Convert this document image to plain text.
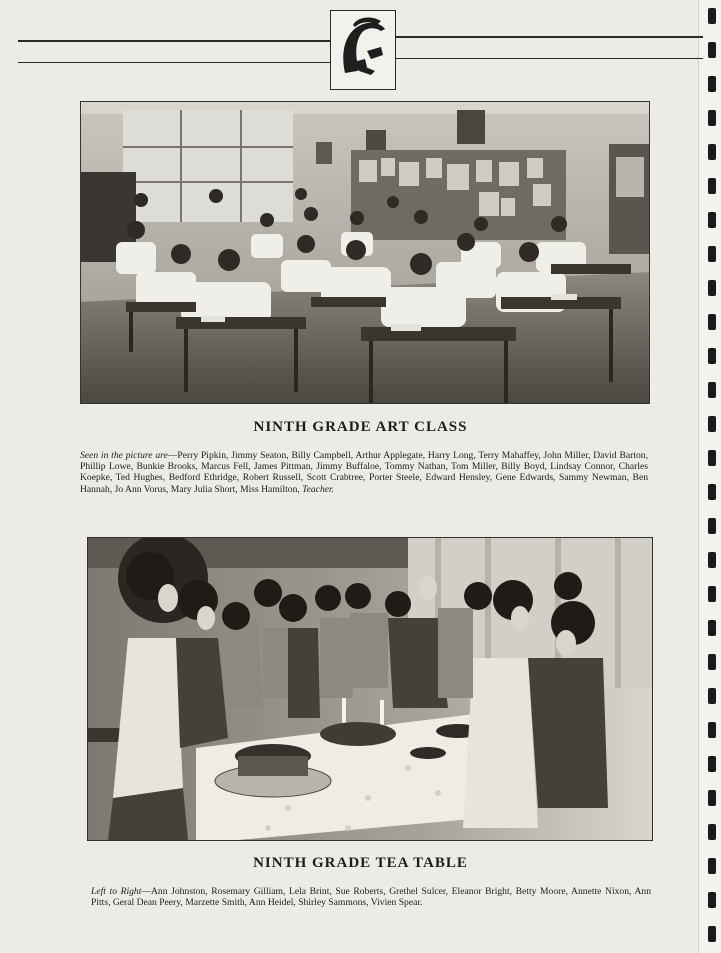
NINTH GRADE ART CLASS
Seen in the picture are—Perry Pipkin, Jimmy Seaton, Billy Campbell, Arthur Applegate, Harry Long, Terry Mahaffey, John Miller, David Barton, Phillip Lowe, Bunkie Brooks, Marcus Fell, James Pittman, Jimmy Buffaloe, Tommy Nathan, Tom Miller, Billy Boyd, Lindsay Connor, Charles Koepke, Ted Hughes, Bedford Ethridge, Robert Russell, Scott Crabtree, Porter Steele, Edward Hensley, Gene Edwards, Sammy Newman, Ben Hannah, Jo Ann Vorus, Mary Julia Short, Miss Hamilton, Teacher.
NINTH GRADE TEA TABLE
Left to Right—Ann Johnston, Rosemary Gilliam, Lela Brint, Sue Roberts, Grethel Sulcer, Eleanor Bright, Betty Moore, Annette Nixon, Ann Pitts, Geral Dean Peery, Marzette Smith, Ann Heidel, Shirley Sammons, Vivien Spear.
